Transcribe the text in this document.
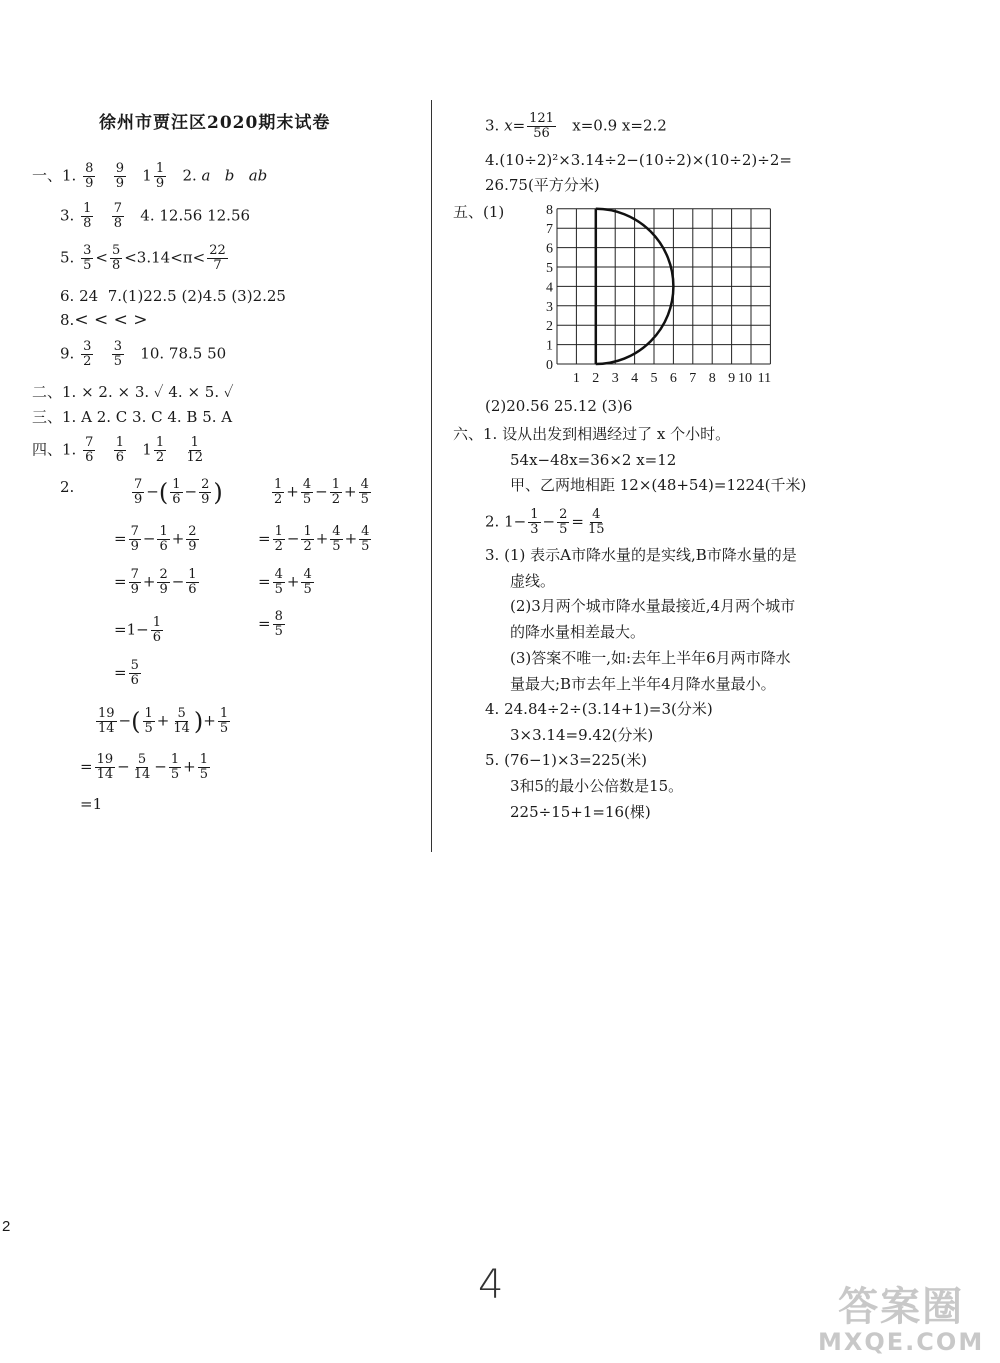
徐州市贾汪区2020期末试卷
一、1. $\frac{8}{9}$
$\frac{9}{9} 1 \frac{1}{9} 2$. a b ab
3. $\frac{1}{8}$
$\frac{7}{8} 4$. 12.56 12.56
5. $\frac{3}{5} < \frac{5}{8} <3.14<\pi< \frac{22}{7}$
6. 24 7.(1)22.5 (2)4.5 (3)2.25
8.< < < >
9. $\frac{3}{2}$
$\frac{3}{5} 10$. 78.5 50
二、1. × 2. × 3. ✓ 4. × 5. ✓
三、1. A 2. C 3. C 4. B 5. A
四、1. $\frac{7}{6}$
$\frac{1}{6} 1 \frac{1}{2}$
$\frac{1}{12}$
2.	$\frac{7}{9}$ −( $\frac{1}{6} - \frac{2}{9}$ )
= $\frac{7}{9} - \frac{1}{6} + \frac{2}{9}$
= $\frac{7}{9} + \frac{2}{9} - \frac{1}{6}$
$=1- \frac{1}{6}$
= $\frac{5}{6}$
$\frac{1}{2} + \frac{4}{5} - \frac{1}{2} + \frac{4}{5}$
= $\frac{1}{2} - \frac{1}{2} + \frac{4}{5} + \frac{4}{5}$
= $\frac{4}{5} + \frac{4}{5}$
= $\frac{8}{5}$
$\frac{19}{14}$ −( $\frac{1}{5} + \frac{5}{14}$ )+ $\frac{1}{5}$
= $\frac{19}{14} - \frac{5}{14} - \frac{1}{5} + \frac{1}{5}$
=1
3. $x= \frac{121}{56} x=0.9$ x=2.2
4.(10÷2)²×3.14÷2−(10÷2)×(10÷2)÷2=
26.75(平方分米)
五、(1)
0
1
2
3
4
5
6
7
8
1 2 3 4 5 6 7 8 9 10 11
(2)20.56 25.12 (3)6
六、1. 设从出发到相遇经过了 x 个小时。
54x−48x=36×2 x=12
甲、乙两地相距 12×(48+54)=1224(千米)
2. $1- \frac{1}{3} - \frac{2}{5} = \frac{4}{15}$
3. (1) 表示A市降水量的是实线,B市降水量的是
虚线。
(2)3月两个城市降水量最接近,4月两个城市
的降水量相差最大。
(3)答案不唯一,如:去年上半年6月两市降水
量最大;B市去年上半年4月降水量最小。
4. 24.84÷2÷(3.14+1)=3(分米)
3×3.14=9.42(分米)
5. (76−1)×3=225(米)
3和5的最小公倍数是15。
225÷15+1=16(棵)
2
4	答案圈
MXQE.COM
